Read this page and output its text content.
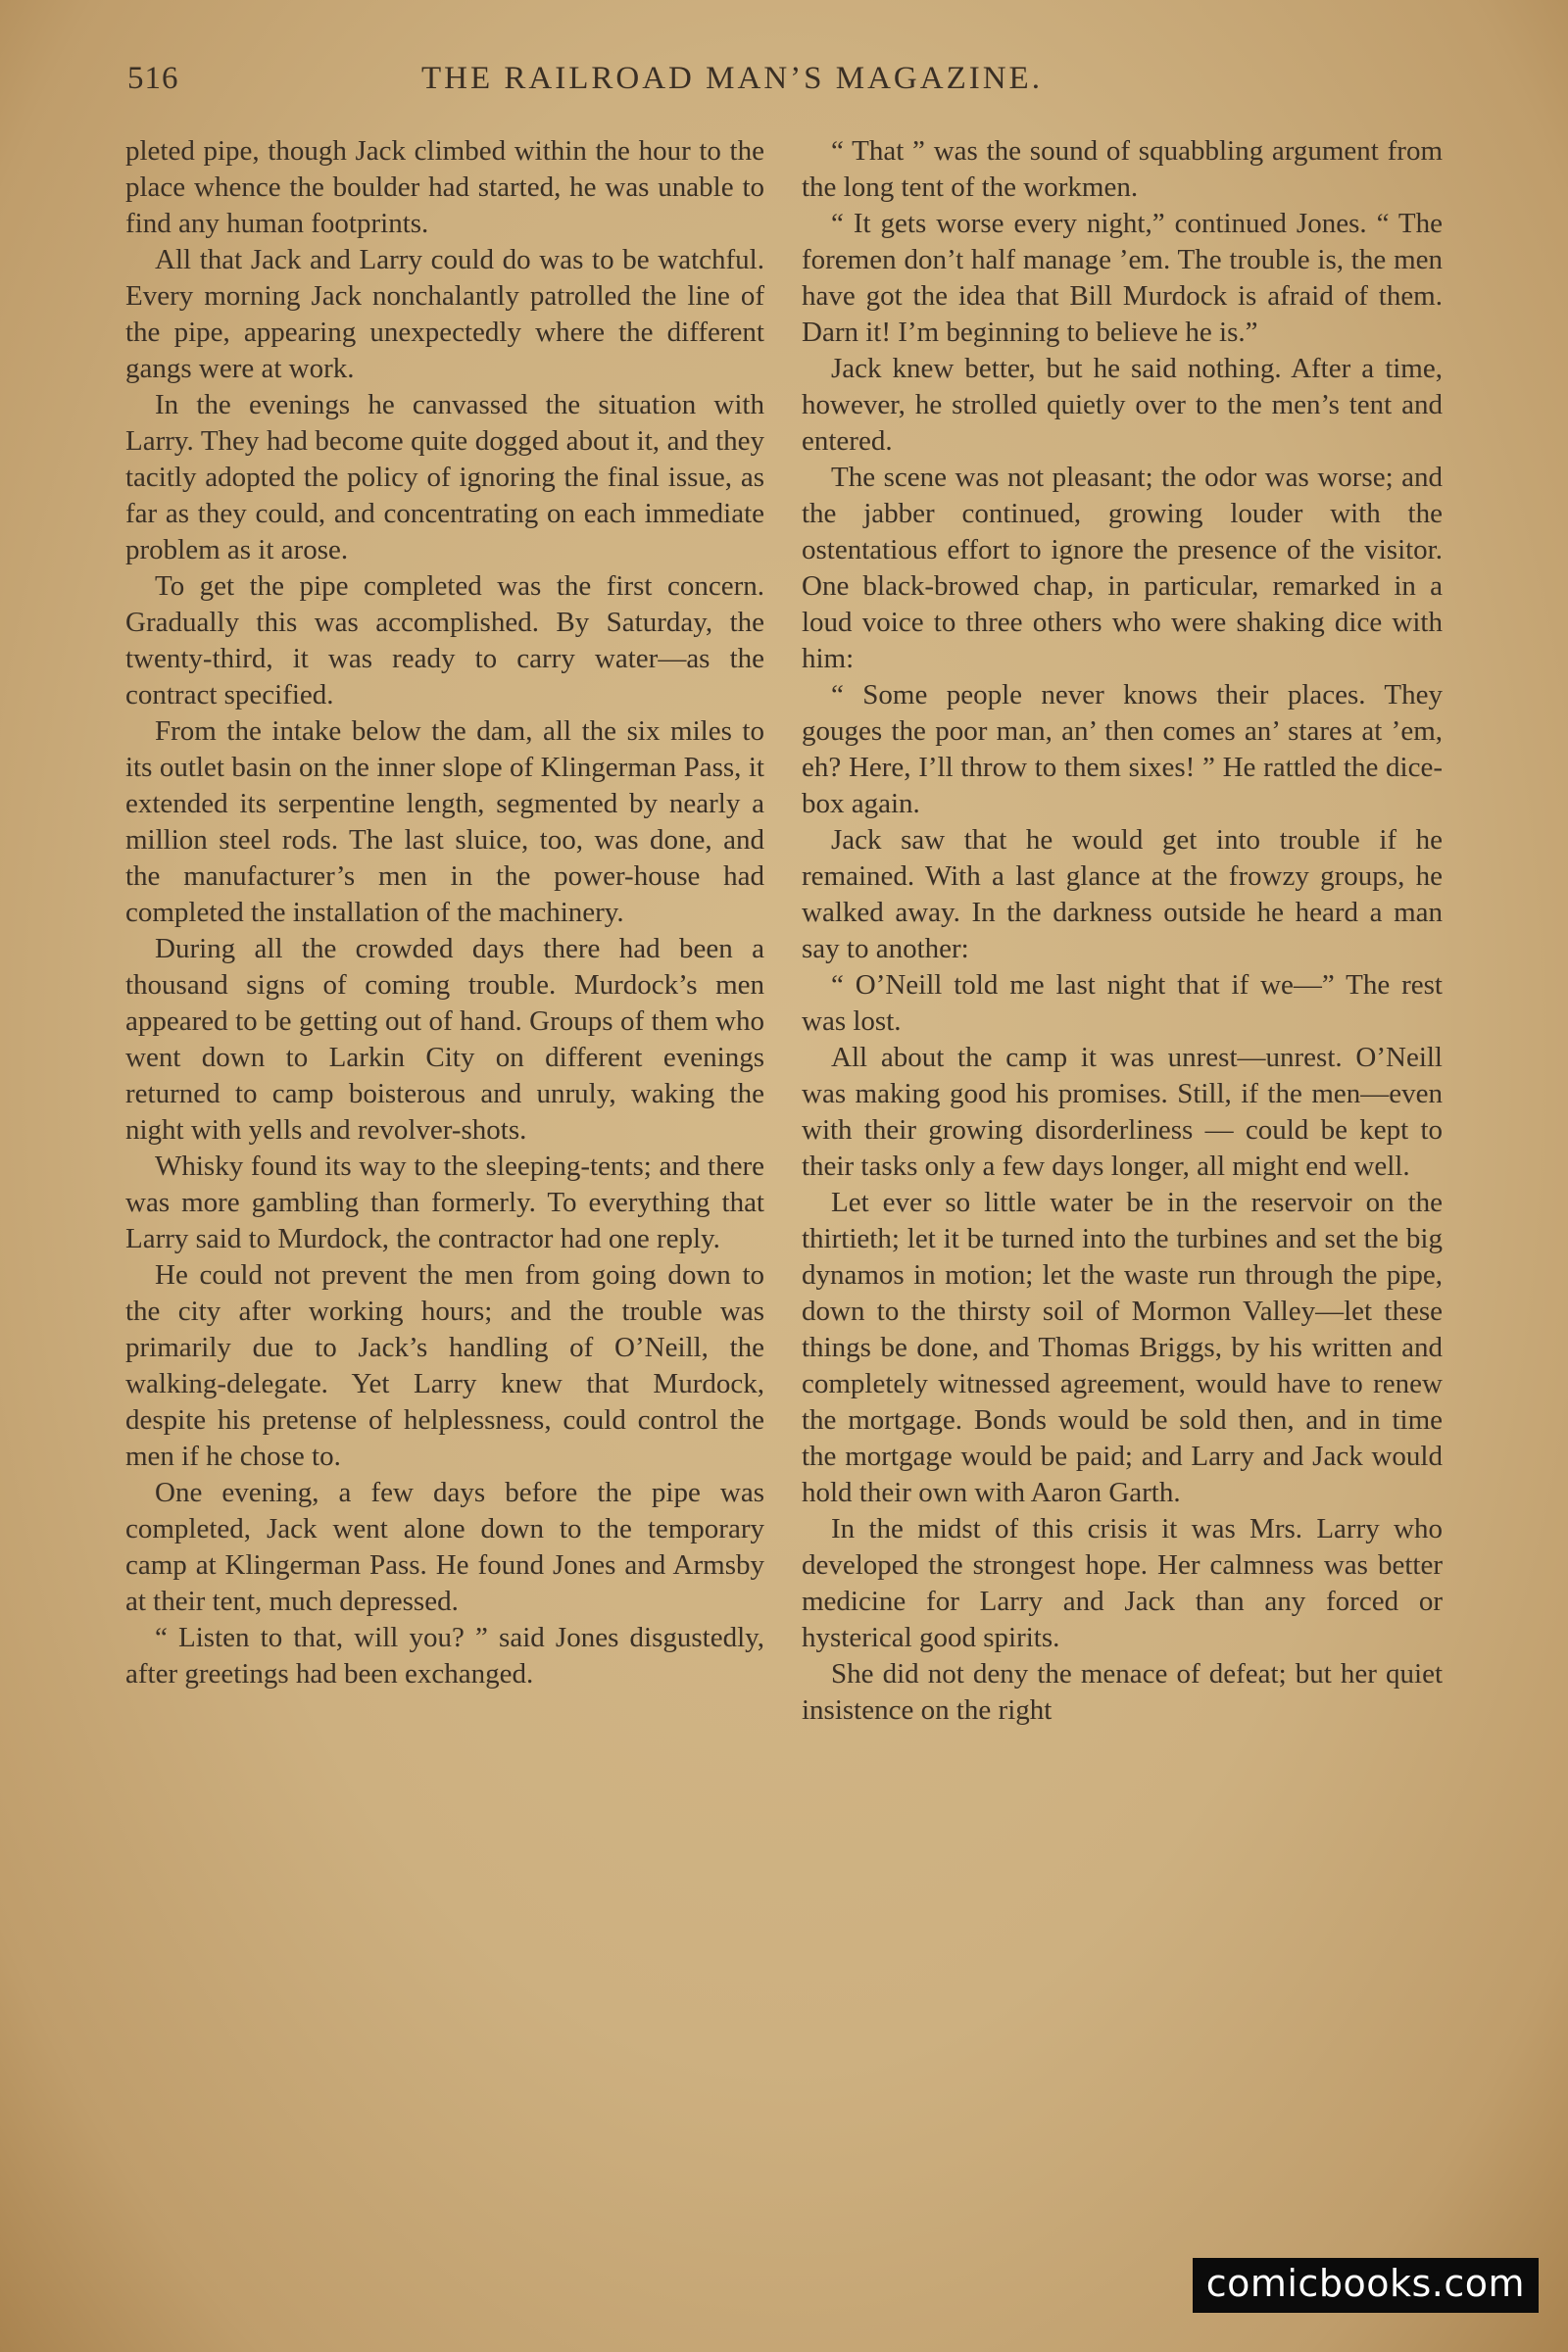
516	THE RAILROAD MAN’S MAGAZINE.

pleted pipe, though Jack climbed within the hour to the place whence the boulder had started, he was unable to find any human footprints.

All that Jack and Larry could do was to be watchful. Every morning Jack nonchalantly patrolled the line of the pipe, appearing unexpectedly where the different gangs were at work.

In the evenings he canvassed the situation with Larry. They had become quite dogged about it, and they tacitly adopted the policy of ignoring the final issue, as far as they could, and concentrating on each immediate problem as it arose.

To get the pipe completed was the first concern. Gradually this was accomplished. By Saturday, the twenty-third, it was ready to carry water—as the contract specified.

From the intake below the dam, all the six miles to its outlet basin on the inner slope of Klingerman Pass, it extended its serpentine length, segmented by nearly a million steel rods. The last sluice, too, was done, and the manufacturer’s men in the power-house had completed the installation of the machinery.

During all the crowded days there had been a thousand signs of coming trouble. Murdock’s men appeared to be getting out of hand. Groups of them who went down to Larkin City on different evenings returned to camp boisterous and unruly, waking the night with yells and revolver-shots.

Whisky found its way to the sleeping-tents; and there was more gambling than formerly. To everything that Larry said to Murdock, the contractor had one reply.

He could not prevent the men from going down to the city after working hours; and the trouble was primarily due to Jack’s handling of O’Neill, the walking-delegate. Yet Larry knew that Murdock, despite his pretense of helplessness, could control the men if he chose to.

One evening, a few days before the pipe was completed, Jack went alone down to the temporary camp at Klingerman Pass. He found Jones and Armsby at their tent, much depressed.

“ Listen to that, will you? ” said Jones disgustedly, after greetings had been exchanged.

“ That ” was the sound of squabbling argument from the long tent of the workmen.

“ It gets worse every night,” continued Jones. “ The foremen don’t half manage ’em. The trouble is, the men have got the idea that Bill Murdock is afraid of them. Darn it! I’m beginning to believe he is.”

Jack knew better, but he said nothing. After a time, however, he strolled quietly over to the men’s tent and entered.

The scene was not pleasant; the odor was worse; and the jabber continued, growing louder with the ostentatious effort to ignore the presence of the visitor. One black-browed chap, in particular, remarked in a loud voice to three others who were shaking dice with him:

“ Some people never knows their places. They gouges the poor man, an’ then comes an’ stares at ’em, eh? Here, I’ll throw to them sixes! ” He rattled the dice-box again.

Jack saw that he would get into trouble if he remained. With a last glance at the frowzy groups, he walked away. In the darkness outside he heard a man say to another:

“ O’Neill told me last night that if we—” The rest was lost.

All about the camp it was unrest—unrest. O’Neill was making good his promises. Still, if the men—even with their growing disorderliness — could be kept to their tasks only a few days longer, all might end well.

Let ever so little water be in the reservoir on the thirtieth; let it be turned into the turbines and set the big dynamos in motion; let the waste run through the pipe, down to the thirsty soil of Mormon Valley—let these things be done, and Thomas Briggs, by his written and completely witnessed agreement, would have to renew the mortgage. Bonds would be sold then, and in time the mortgage would be paid; and Larry and Jack would hold their own with Aaron Garth.

In the midst of this crisis it was Mrs. Larry who developed the strongest hope. Her calmness was better medicine for Larry and Jack than any forced or hysterical good spirits.

She did not deny the menace of defeat; but her quiet insistence on the right

comicbooks.com
